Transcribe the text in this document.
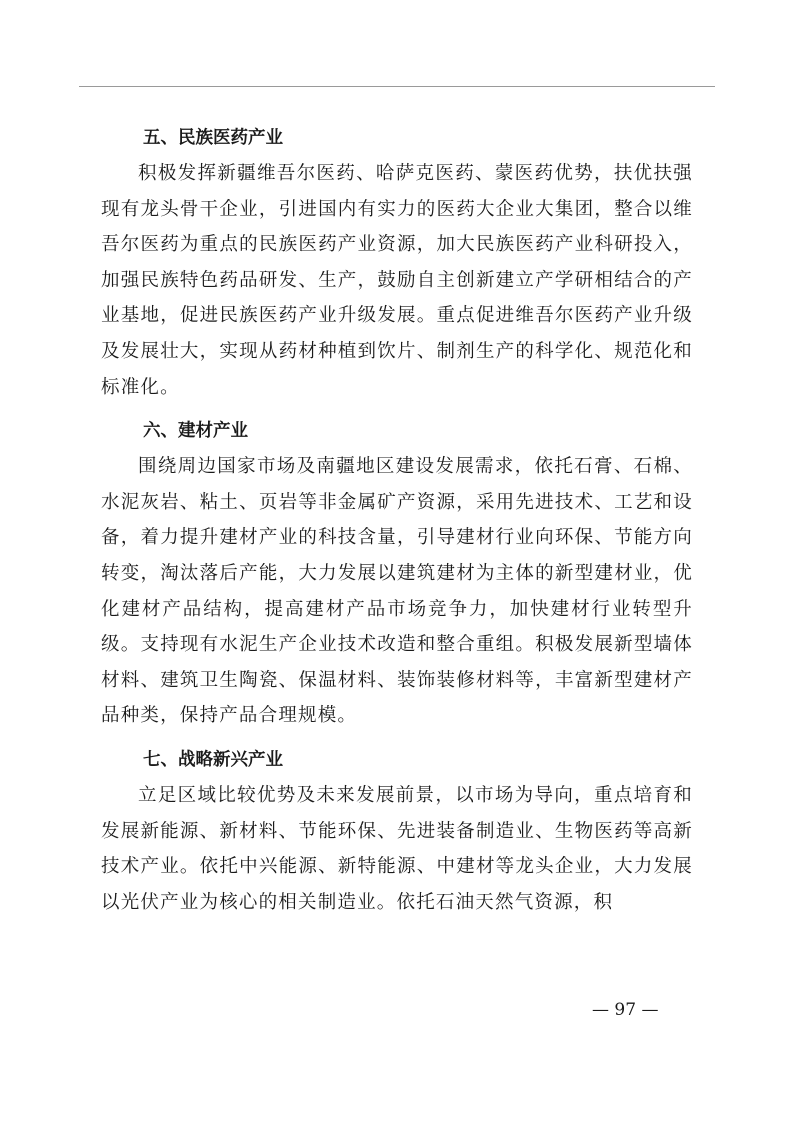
五、民族医药产业

积极发挥新疆维吾尔医药、哈萨克医药、蒙医药优势，扶优扶强现有龙头骨干企业，引进国内有实力的医药大企业大集团，整合以维吾尔医药为重点的民族医药产业资源，加大民族医药产业科研投入，加强民族特色药品研发、生产，鼓励自主创新建立产学研相结合的产业基地，促进民族医药产业升级发展。重点促进维吾尔医药产业升级及发展壮大，实现从药材种植到饮片、制剂生产的科学化、规范化和标准化。

六、建材产业

围绕周边国家市场及南疆地区建设发展需求，依托石膏、石棉、水泥灰岩、粘土、页岩等非金属矿产资源，采用先进技术、工艺和设备，着力提升建材产业的科技含量，引导建材行业向环保、节能方向转变，淘汰落后产能，大力发展以建筑建材为主体的新型建材业，优化建材产品结构，提高建材产品市场竞争力，加快建材行业转型升级。支持现有水泥生产企业技术改造和整合重组。积极发展新型墙体材料、建筑卫生陶瓷、保温材料、装饰装修材料等，丰富新型建材产品种类，保持产品合理规模。

七、战略新兴产业

立足区域比较优势及未来发展前景，以市场为导向，重点培育和发展新能源、新材料、节能环保、先进装备制造业、生物医药等高新技术产业。依托中兴能源、新特能源、中建材等龙头企业，大力发展以光伏产业为核心的相关制造业。依托石油天然气资源，积

— 97 —
